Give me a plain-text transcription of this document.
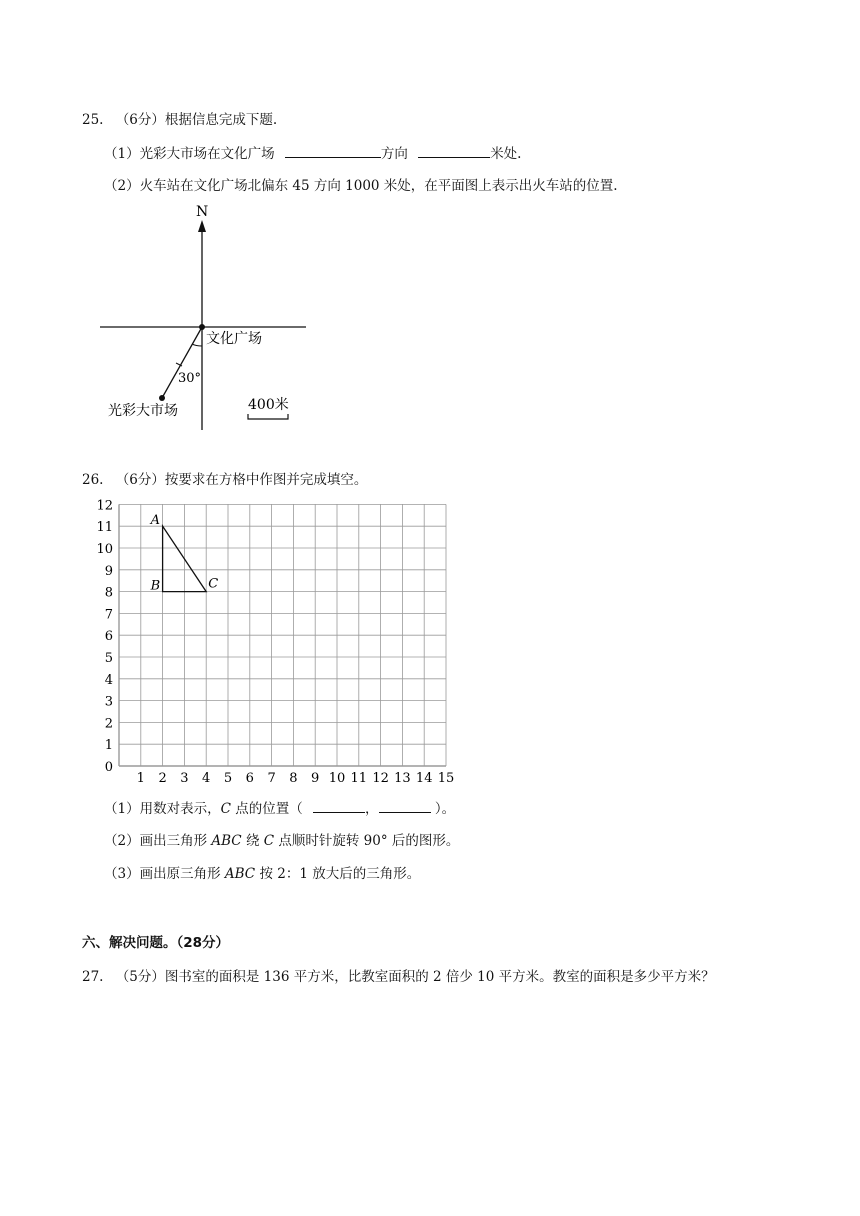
25. （6分）根据信息完成下题.
（1）光彩大市场在文化广场	方向	米处.
（2）火车站在文化广场北偏东 45 方向 1000 米处，在平面图上表示出火车站的位置.
N
文化广场
30°
光彩大市场	400米
26. （6分）按要求在方格中作图并完成填空。
0
1
2
3
4
5
6
7
8
9
10
11
12
1 2 3 4 5 6 7 8 9 10 11 12 13 14 15
A
B	C
（1）用数对表示，C 点的位置（	，	）。
（2）画出三角形 ABC 绕 C 点顺时针旋转 90° 后的图形。
（3）画出原三角形 ABC 按 2：1 放大后的三角形。
六、解决问题。（28分）
27. （5分）图书室的面积是 136 平方米，比教室面积的 2 倍少 10 平方米。教室的面积是多少平方米？
